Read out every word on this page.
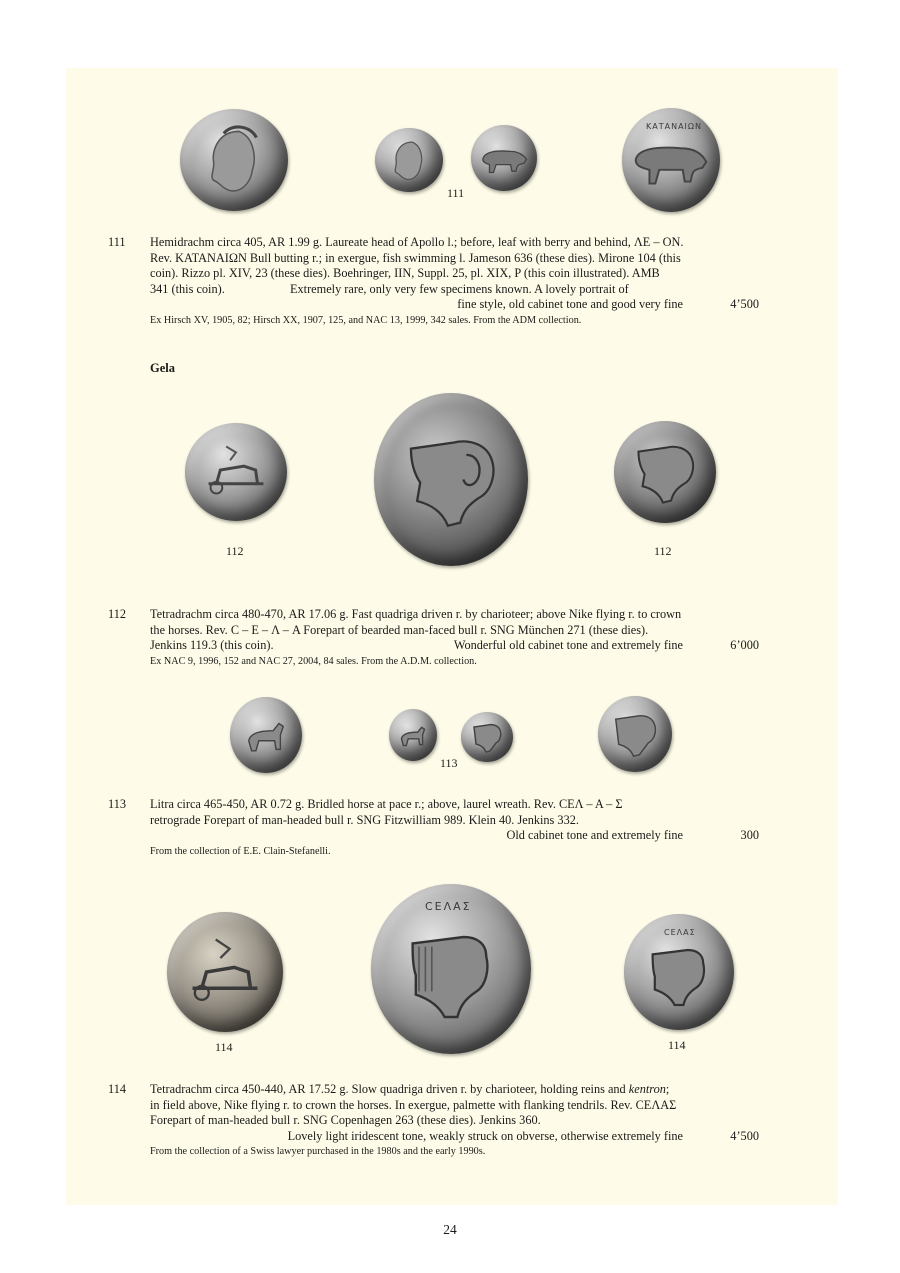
ΚΑΤΑΝΑΙΩΝ
111
111	Hemidrachm circa 405, AR 1.99 g. Laureate head of Apollo l.; before, leaf with berry and behind, ΛΕ – ΟΝ.
Rev. ΚΑΤΑΝΑΙΩΝ Bull butting r.; in exergue, fish swimming l. Jameson 636 (these dies). Mirone 104 (this
coin). Rizzo pl. XIV, 23 (these dies). Boehringer, IIN, Suppl. 25, pl. XIX, P (this coin illustrated). AMB
341 (this coin).	Extremely rare, only very few specimens known. A lovely portrait of
fine style, old cabinet tone and good very fine	4’500
Ex Hirsch XV, 1905, 82; Hirsch XX, 1907, 125, and NAC 13, 1999, 342 sales. From the ADM collection.
Gela
112	112
112	Tetradrachm circa 480-470, AR 17.06 g. Fast quadriga driven r. by charioteer; above Nike flying r. to crown
the horses. Rev. C – E – Λ – A Forepart of bearded man-faced bull r. SNG München 271 (these dies).
Jenkins 119.3 (this coin).	Wonderful old cabinet tone and extremely fine	6’000
Ex NAC 9, 1996, 152 and NAC 27, 2004, 84 sales. From the A.D.M. collection.
113
113	Litra circa 465-450, AR 0.72 g. Bridled horse at pace r.; above, laurel wreath. Rev. CΕΛ – Α – Σ
retrograde Forepart of man-headed bull r. SNG Fitzwilliam 989. Klein 40. Jenkins 332.
Old cabinet tone and extremely fine	300
From the collection of E.E. Clain-Stefanelli.
ϹΕΛΑΣ
ϹΕΛΑΣ
114	114
114	Tetradrachm circa 450-440, AR 17.52 g. Slow quadriga driven r. by charioteer, holding reins and kentron;
in field above, Nike flying r. to crown the horses. In exergue, palmette with flanking tendrils. Rev. CEΛΑΣ
Forepart of man-headed bull r. SNG Copenhagen 263 (these dies). Jenkins 360.
Lovely light iridescent tone, weakly struck on obverse, otherwise extremely fine	4’500
From the collection of a Swiss lawyer purchased in the 1980s and the early 1990s.
24
